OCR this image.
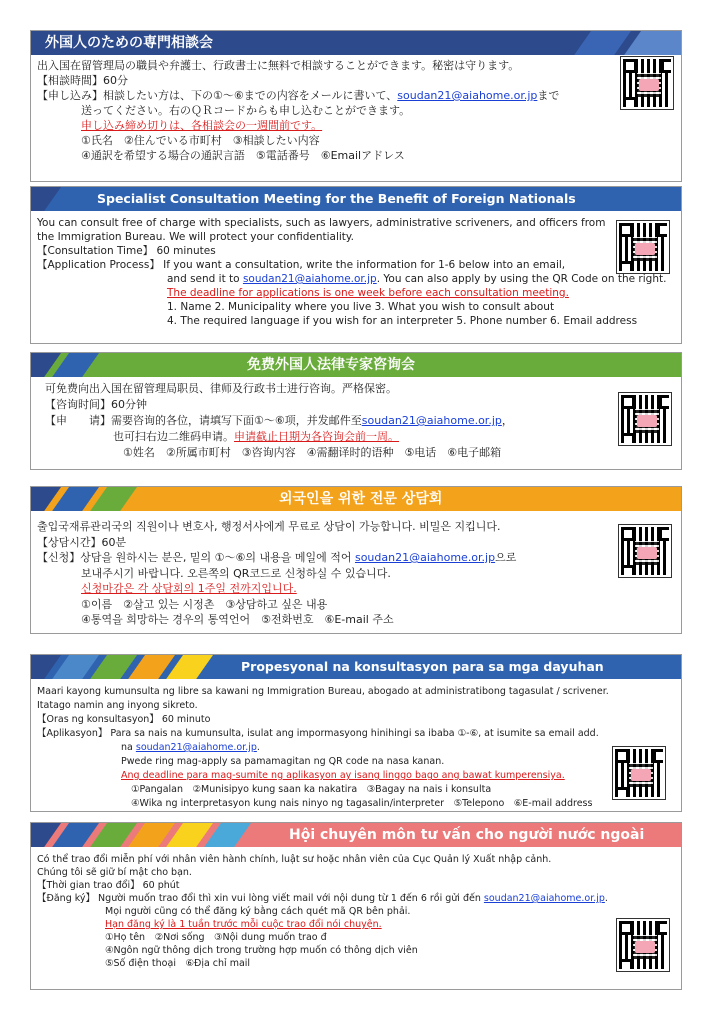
外国人のための専門相談会
出入国在留管理局の職員や弁護士、行政書士に無料で相談することができます。秘密は守ります。
【相談時間】60分
【申し込み】相談したい方は、下の①～⑥までの内容をメールに書いて、soudan21@aiahome.or.jpまで
送ってください。右のＱＲコードからも申し込むことができます。
申し込み締め切りは、各相談会の一週間前です。
①氏名　②住んでいる市町村　③相談したい内容
④通訳を希望する場合の通訳言語　⑤電話番号　⑥Emailアドレス
Specialist Consultation Meeting for the Benefit of Foreign Nationals
You can consult free of charge with specialists, such as lawyers, administrative scriveners, and officers from
the Immigration Bureau. We will protect your confidentiality.
【Consultation Time】 60 minutes
【Application Process】 If you want a consultation, write the information for 1-6 below into an email,
and send it to soudan21@aiahome.or.jp. You can also apply by using the QR Code on the right.
The deadline for applications is one week before each consultation meeting.
1. Name 2. Municipality where you live 3. What you wish to consult about
4. The required language if you wish for an interpreter 5. Phone number 6. Email address
免费外国人法律专家咨询会
可免费向出入国在留管理局职员、律师及行政书士进行咨询。严格保密。
【咨询时间】60分钟
【申　　请】需要咨询的各位，请填写下面①～⑥项，并发邮件至soudan21@aiahome.or.jp，
也可扫右边二维码申请。申请截止日期为各咨询会前一周。
①姓名　②所属市町村　③咨询内容　④需翻译时的语种　⑤电话　⑥电子邮箱
외국인을 위한 전문 상담회
출입국재류관리국의 직원이나 변호사, 행정서사에게 무료로 상담이 가능합니다. 비밀은 지킵니다.
【상담시간】60분
【신청】상담을 원하시는 분은, 밑의 ①～⑥의 내용을 메일에 적어 soudan21@aiahome.or.jp으로
보내주시기 바랍니다. 오른쪽의 QR코드로 신청하실 수 있습니다.
신청마감은 각 상담회의 1주일 전까지입니다.
①이름　②살고 있는 시정촌　③상담하고 싶은 내용
④통역을 희망하는 경우의 통역언어　⑤전화번호　⑥E-mail 주소
Propesyonal na konsultasyon para sa mga dayuhan
Maari kayong kumunsulta ng libre sa kawani ng Immigration Bureau, abogado at administratibong tagasulat / scrivener.
Itatago namin ang inyong sikreto.
【Oras ng konsultasyon】 60 minuto
【Aplikasyon】 Para sa nais na kumunsulta, isulat ang impormasyong hinihingi sa ibaba ①-⑥, at isumite sa email add.
na soudan21@aiahome.or.jp.
Pwede ring mag-apply sa pamamagitan ng QR code na nasa kanan.
Ang deadline para mag-sumite ng aplikasyon ay isang linggo bago ang bawat kumperensiya.
①Pangalan　②Munisipyo kung saan ka nakatira　③Bagay na nais i konsulta
④Wika ng interpretasyon kung nais ninyo ng tagasalin/interpreter　⑤Telepono　⑥E-mail address
Hội chuyên môn tư vấn cho người nước ngoài
Có thể trao đổi miễn phí với nhân viên hành chính, luật sư hoặc nhân viên của Cục Quản lý Xuất nhập cảnh.
Chúng tôi sẽ giữ bí mật cho bạn.
【Thời gian trao đổi】 60 phút
【Đăng ký】 Người muốn trao đổi thì xin vui lòng viết mail với nội dung từ 1 đến 6 rồi gửi đến soudan21@aiahome.or.jp.
Mọi người cũng có thể đăng ký bằng cách quét mã QR bên phải.
Hạn đăng ký là 1 tuần trước mỗi cuộc trao đổi nói chuyện.
①Họ tên　②Nơi sống　③Nội dung muốn trao đ
④Ngôn ngữ thông dịch trong trường hợp muốn có thông dịch viên
⑤Số điện thoại　⑥Địa chỉ mail
